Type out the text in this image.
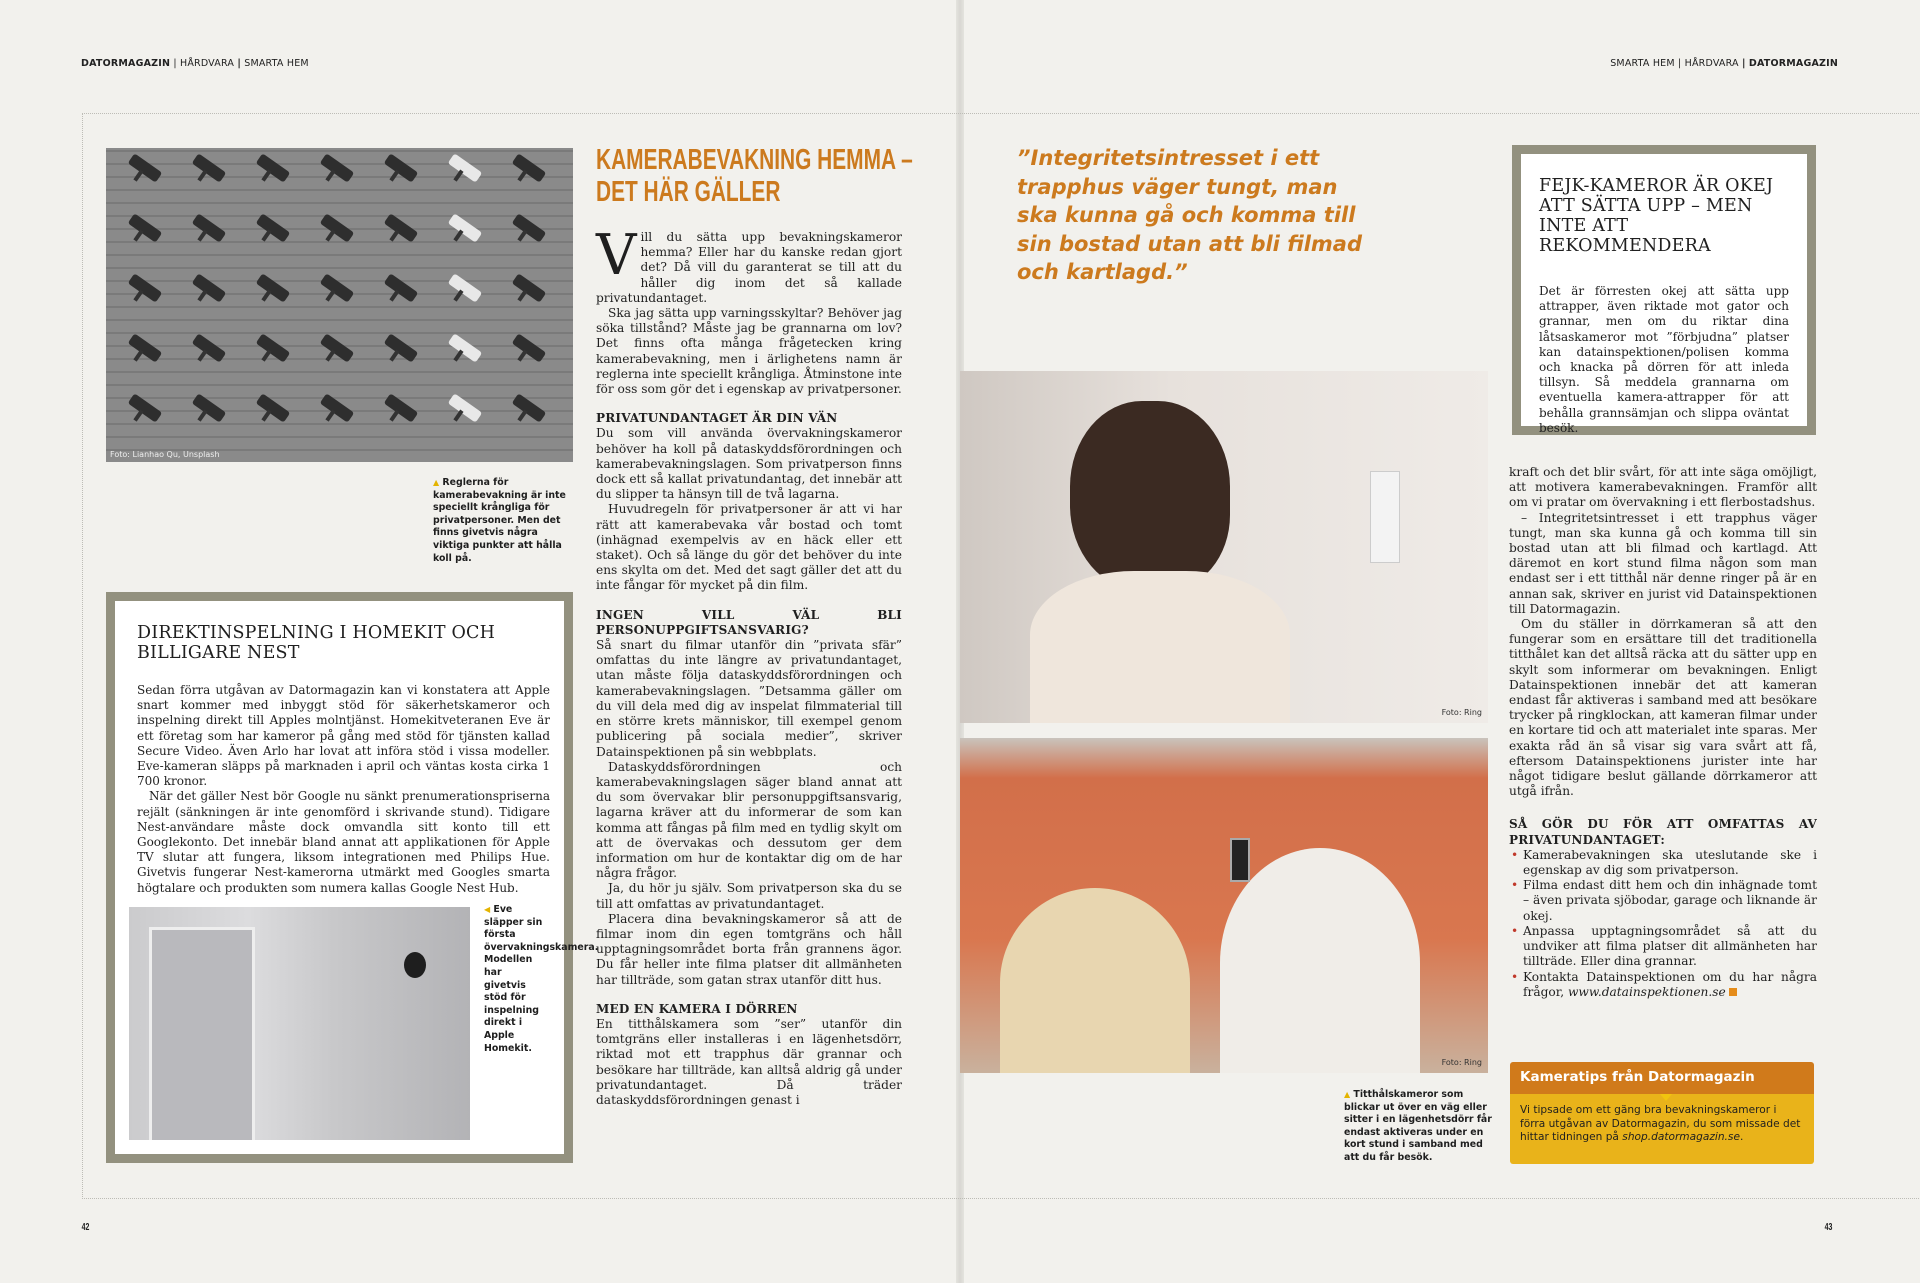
DATORMAGAZIN | HÅRDVARA | SMARTA HEM	SMARTA HEM | HÅRDVARA | DATORMAGAZIN
Foto: Lianhao Qu, Unsplash
▲ Reglerna för kamerabevakning är inte speciellt krångliga för privatpersoner. Men det finns givetvis några viktiga punkter att hålla koll på.
KAMERABEVAKNING HEMMA – DET HÄR GÄLLER

Vill du sätta upp bevakningskameror hemma? Eller har du kanske redan gjort det? Då vill du garanterat se till att du håller dig inom det så kallade privatundantaget.

Ska jag sätta upp varningsskyltar? Behöver jag söka tillstånd? Måste jag be grannarna om lov? Det finns ofta många frågetecken kring kamerabevakning, men i ärlighetens namn är reglerna inte speciellt krångliga. Åtminstone inte för oss som gör det i egenskap av privatpersoner.

PRIVATUNDANTAGET ÄR DIN VÄN

Du som vill använda övervakningskameror behöver ha koll på dataskyddsförordningen och kamerabevakningslagen. Som privatperson finns dock ett så kallat privatundantag, det innebär att du slipper ta hänsyn till de två lagarna.

Huvudregeln för privatpersoner är att vi har rätt att kamerabevaka vår bostad och tomt (inhägnad exempelvis av en häck eller ett staket). Och så länge du gör det behöver du inte ens skylta om det. Med det sagt gäller det att du inte fångar för mycket på din film.

INGEN VILL VÄL BLI PERSONUPPGIFTSANSVARIG?

Så snart du filmar utanför din ”privata sfär” omfattas du inte längre av privatundantaget, utan måste följa dataskyddsförordningen och kamerabevakningslagen. ”Detsamma gäller om du vill dela med dig av inspelat filmmaterial till en större krets människor, till exempel genom publicering på sociala medier”, skriver Datainspektionen på sin webbplats.

Dataskyddsförordningen och kamerabevakningslagen säger bland annat att du som övervakar blir personuppgiftsansvarig, lagarna kräver att du informerar de som kan komma att fångas på film med en tydlig skylt om att de övervakas och dessutom ger dem information om hur de kontaktar dig om de har några frågor.

Ja, du hör ju själv. Som privatperson ska du se till att omfattas av privatundantaget.

Placera dina bevakningskameror så att de filmar inom din egen tomtgräns och håll upptagningsområdet borta från grannens ägor. Du får heller inte filma platser dit allmänheten har tillträde, som gatan strax utanför ditt hus.

MED EN KAMERA I DÖRREN

En titthålskamera som ”ser” utanför din tomtgräns eller installeras i en lägenhetsdörr, riktad mot ett trapphus där grannar och besökare har tillträde, kan alltså aldrig gå under privatundantaget. Då träder dataskyddsförordningen genast i

DIREKTINSPELNING I HOMEKIT OCH BILLIGARE NEST

Sedan förra utgåvan av Datormagazin kan vi konstatera att Apple snart kommer med inbyggt stöd för säkerhetskameror och inspelning direkt till Apples molntjänst. Homekitveteranen Eve är ett företag som har kameror på gång med stöd för tjänsten kallad Secure Video. Även Arlo har lovat att införa stöd i vissa modeller. Eve-kameran släpps på marknaden i april och väntas kosta cirka 1 700 kronor.

När det gäller Nest bör Google nu sänkt prenumerationspriserna rejält (sänkningen är inte genomförd i skrivande stund). Tidigare Nest-användare måste dock omvandla sitt konto till ett Googlekonto. Det innebär bland annat att applikationen för Apple TV slutar att fungera, liksom integrationen med Philips Hue. Givetvis fungerar Nest-kamerorna utmärkt med Googles smarta högtalare och produkten som numera kallas Google Nest Hub.

◀ Eve släpper sin första övervakningskamera. Modellen har givetvis stöd för inspelning direkt i Apple Homekit.
”Integritetsintresset i ett trapphus väger tungt, man ska kunna gå och komma till sin bostad utan att bli filmad och kartlagd.”
Foto: Ring
Foto: Ring
▲ Titthålskameror som blickar ut över en väg eller sitter i en lägenhetsdörr får endast aktiveras under en kort stund i samband med att du får besök.
FEJK-KAMEROR ÄR OKEJ ATT SÄTTA UPP – MEN INTE ATT REKOMMENDERA

Det är förresten okej att sätta upp attrapper, även riktade mot gator och grannar, men om du riktar dina låtsaskameror mot ”förbjudna” platser kan datainspektionen/polisen komma och knacka på dörren för att inleda tillsyn. Så meddela grannarna om eventuella kamera-attrapper för att behålla grannsämjan och slippa oväntat besök.

kraft och det blir svårt, för att inte säga omöjligt, att motivera kamerabevakningen. Framför allt om vi pratar om övervakning i ett flerbostadshus.

– Integritetsintresset i ett trapphus väger tungt, man ska kunna gå och komma till sin bostad utan att bli filmad och kartlagd. Att däremot en kort stund filma någon som man endast ser i ett titthål när denne ringer på är en annan sak, skriver en jurist vid Datainspektionen till Datormagazin.

Om du ställer in dörrkameran så att den fungerar som en ersättare till det traditionella titthålet kan det alltså räcka att du sätter upp en skylt som informerar om bevakningen. Enligt Datainspektionen innebär det att kameran endast får aktiveras i samband med att besökare trycker på ringklockan, att kameran filmar under en kortare tid och att materialet inte sparas. Mer exakta råd än så visar sig vara svårt att få, eftersom Datainspektionens jurister inte har något tidigare beslut gällande dörrkameror att utgå ifrån.

SÅ GÖR DU FÖR ATT OMFATTAS AV PRIVATUNDANTAGET:
• Kamerabevakningen ska uteslutande ske i egenskap av dig som privatperson.
• Filma endast ditt hem och din inhägnade tomt – även privata sjöbodar, garage och liknande är okej.
• Anpassa upptagningsområdet så att du undviker att filma platser dit allmänheten har tillträde. Eller dina grannar.
• Kontakta Datainspektionen om du har några frågor, www.datainspektionen.se
Kameratips från Datormagazin
Vi tipsade om ett gäng bra bevakningskameror i förra utgåvan av Datormagazin, du som missade det hittar tidningen på shop.datormagazin.se.
42	43
